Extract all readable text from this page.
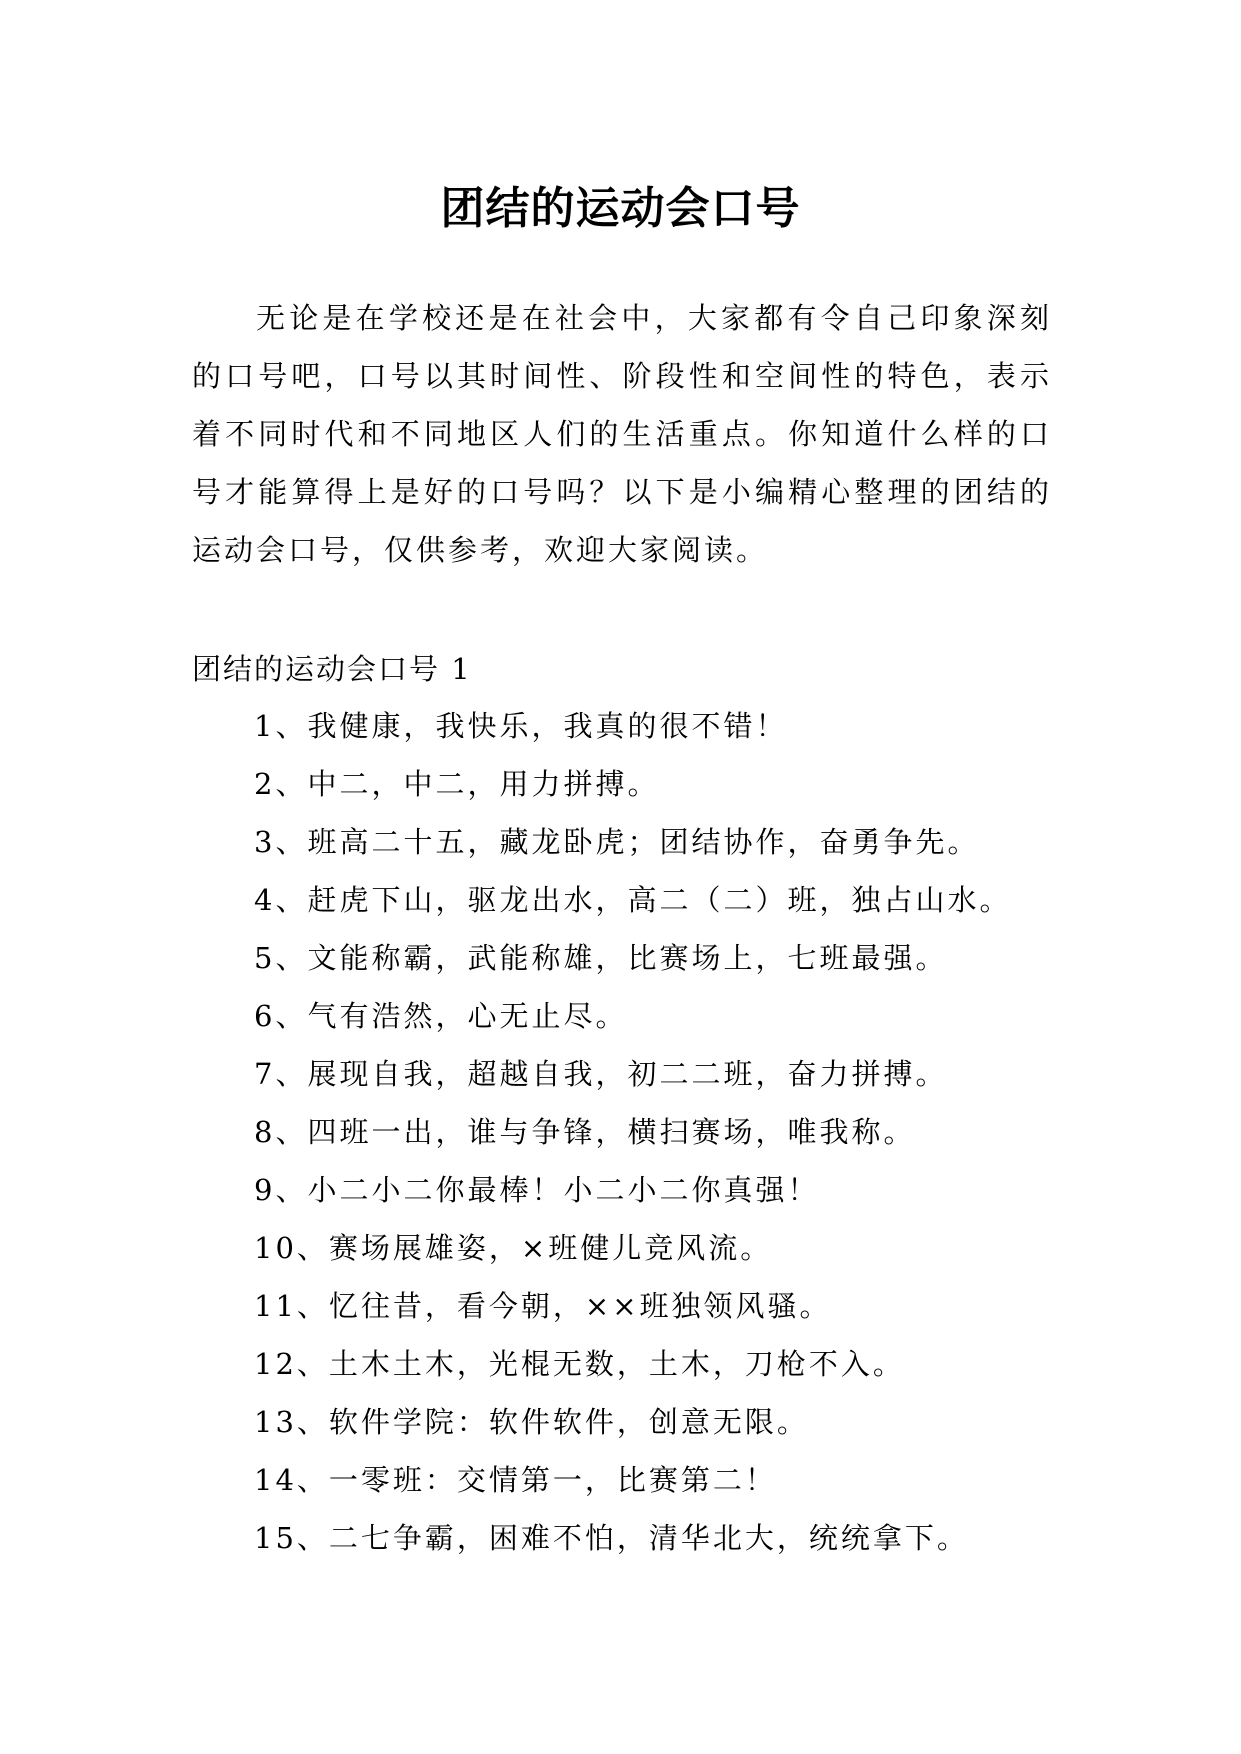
团结的运动会口号

无论是在学校还是在社会中，大家都有令自己印象深刻的口号吧，口号以其时间性、阶段性和空间性的特色，表示着不同时代和不同地区人们的生活重点。你知道什么样的口号才能算得上是好的口号吗？以下是小编精心整理的团结的运动会口号，仅供参考，欢迎大家阅读。

团结的运动会口号 1

1、我健康，我快乐，我真的很不错！
2、中二，中二，用力拼搏。
3、班高二十五，藏龙卧虎；团结协作，奋勇争先。
4、赶虎下山，驱龙出水，高二（二）班，独占山水。
5、文能称霸，武能称雄，比赛场上，七班最强。
6、气有浩然，心无止尽。
7、展现自我，超越自我，初二二班，奋力拼搏。
8、四班一出，谁与争锋，横扫赛场，唯我称。
9、小二小二你最棒！小二小二你真强！
10、赛场展雄姿，×班健儿竞风流。
11、忆往昔，看今朝，××班独领风骚。
12、土木土木，光棍无数，土木，刀枪不入。
13、软件学院：软件软件，创意无限。
14、一零班：交情第一，比赛第二！
15、二七争霸，困难不怕，清华北大，统统拿下。
